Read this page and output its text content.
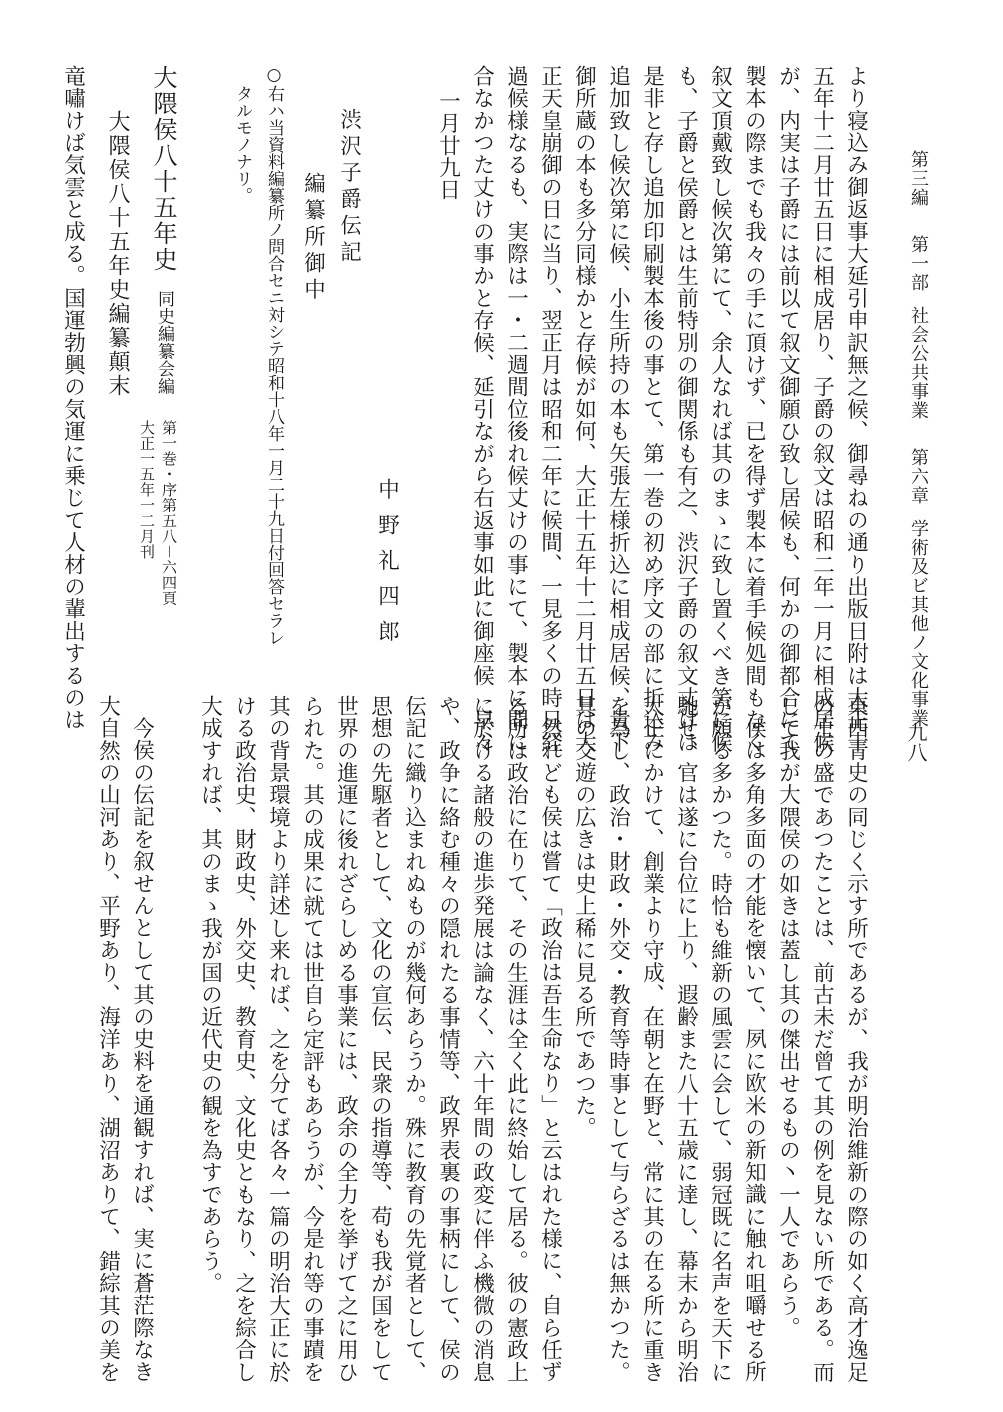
第三編第一部社会公共事業第六章学術及ビ其他ノ文化事業
九八
より寝込み御返事大延引申訳無之候、御尋ねの通り出版日附は大正十
五年十二月廿五日に相成居り、子爵の叙文は昭和二年一月に相成居候
が、内実は子爵には前以て叙文御願ひ致し居候も、何かの御都合にて
製本の際までも我々の手に頂けず、已を得ず製本に着手候処間もなく
叙文頂戴致し候次第にて、余人なれば其のまゝに致し置くべき筈に候
も、子爵と侯爵とは生前特別の御関係も有之、渋沢子爵の叙文丈けは
是非と存し追加印刷製本後の事とて、第一巻の初め序文の部に折込み
追加致し候次第に候、小生所持の本も矢張左様折込に相成居候、貴下
御所蔵の本も多分同様かと存候が如何、大正十五年十二月廿五日は大
正天皇崩御の日に当り、翌正月は昭和二年に候間、一見多くの時日経
過候様なるも、実際は一・二週間位後れ候丈けの事にて、製本に間に
合なかつた丈けの事かと存候、延引ながら右返事如此に御座候　早々
中野礼四郎
一月廿九日
渋沢子爵伝記
編纂所御中
○右ハ当資料編纂所ノ問合セニ対シテ昭和十八年一月二十九日付回答セラレ
タルモノナリ。
大隈侯八十五年史
同史編纂会編
第一巻・序第五八－六四頁
大正一五年一二月刊
大隈侯八十五年史編纂顛末
竜嘯けば気雲と成る。国運勃興の気運に乗じて人材の輩出するのは
東西青史の同じく示す所であるが、我が明治維新の際の如く高才逸足
の士の盛であつたことは、前古未だ曾て其の例を見ない所である。而
して我が大隈侯の如きは蓋し其の傑出せるもの丶一人であらう。
侯は多角多面の才能を懐いて、夙に欧米の新知識に触れ咀嚼せる所
が頗る多かつた。時恰も維新の風雲に会して、弱冠既に名声を天下に
馳せ、官は遂に台位に上り、遐齢また八十五歳に達し、幕末から明治
大正にかけて、創業より守成、在朝と在野と、常に其の在る所に重き
を為し、政治・財政・外交・教育等時事として与らざるは無かつた。
其の交遊の広きは史上稀に見る所であつた。
然れども侯は嘗て「政治は吾生命なり」と云はれた様に、自ら任ず
る所は政治に在りて、その生涯は全く此に終始して居る。彼の憲政上
に於ける諸般の進歩発展は論なく、六十年間の政変に伴ふ機微の消息
や、政争に絡む種々の隠れたる事情等、政界表裏の事柄にして、侯の
伝記に織り込まれぬものが幾何あらうか。殊に教育の先覚者として、
思想の先駆者として、文化の宣伝、民衆の指導等、苟も我が国をして
世界の進運に後れざらしめる事業には、政余の全力を挙げて之に用ひ
られた。其の成果に就ては世自ら定評もあらうが、今是れ等の事蹟を
其の背景環境より詳述し来れば、之を分てば各々一篇の明治大正に於
ける政治史、財政史、外交史、教育史、文化史ともなり、之を綜合し
大成すれば、其のまゝ我が国の近代史の観を為すであらう。
今侯の伝記を叙せんとして其の史料を通観すれば、実に蒼茫際なき
大自然の山河あり、平野あり、海洋あり、湖沼ありて、錯綜其の美を
